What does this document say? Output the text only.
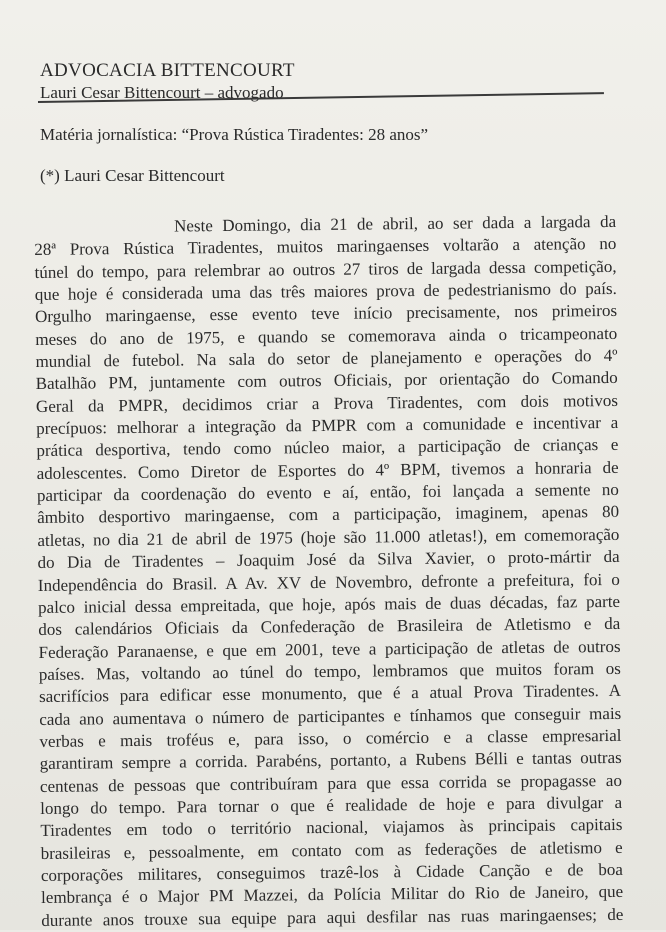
ADVOCACIA BITTENCOURT
Lauri Cesar Bittencourt – advogado
Matéria jornalística: “Prova Rústica Tiradentes: 28 anos”
(*) Lauri Cesar Bittencourt
Neste Domingo, dia 21 de abril, ao ser dada a largada da
28ª Prova Rústica Tiradentes, muitos maringaenses voltarão a atenção no
túnel do tempo, para relembrar ao outros 27 tiros de largada dessa competição,
que hoje é considerada uma das três maiores prova de pedestrianismo do país.
Orgulho maringaense, esse evento teve início precisamente, nos primeiros
meses do ano de 1975, e quando se comemorava ainda o tricampeonato
mundial de futebol. Na sala do setor de planejamento e operações do 4º
Batalhão PM, juntamente com outros Oficiais, por orientação do Comando
Geral da PMPR, decidimos criar a Prova Tiradentes, com dois motivos
precípuos: melhorar a integração da PMPR com a comunidade e incentivar a
prática desportiva, tendo como núcleo maior, a participação de crianças e
adolescentes. Como Diretor de Esportes do 4º BPM, tivemos a honraria de
participar da coordenação do evento e aí, então, foi lançada a semente no
âmbito desportivo maringaense, com a participação, imaginem, apenas 80
atletas, no dia 21 de abril de 1975 (hoje são 11.000 atletas!), em comemoração
do Dia de Tiradentes – Joaquim José da Silva Xavier, o proto-mártir da
Independência do Brasil. A Av. XV de Novembro, defronte a prefeitura, foi o
palco inicial dessa empreitada, que hoje, após mais de duas décadas, faz parte
dos calendários Oficiais da Confederação de Brasileira de Atletismo e da
Federação Paranaense, e que em 2001, teve a participação de atletas de outros
países. Mas, voltando ao túnel do tempo, lembramos que muitos foram os
sacrifícios para edificar esse monumento, que é a atual Prova Tiradentes. A
cada ano aumentava o número de participantes e tínhamos que conseguir mais
verbas e mais troféus e, para isso, o comércio e a classe empresarial
garantiram sempre a corrida. Parabéns, portanto, a Rubens Bélli e tantas outras
centenas de pessoas que contribuíram para que essa corrida se propagasse ao
longo do tempo. Para tornar o que é realidade de hoje e para divulgar a
Tiradentes em todo o território nacional, viajamos às principais capitais
brasileiras e, pessoalmente, em contato com as federações de atletismo e
corporações militares, conseguimos trazê-los à Cidade Canção e de boa
lembrança é o Major PM Mazzei, da Polícia Militar do Rio de Janeiro, que
durante anos trouxe sua equipe para aqui desfilar nas ruas maringaenses; de
